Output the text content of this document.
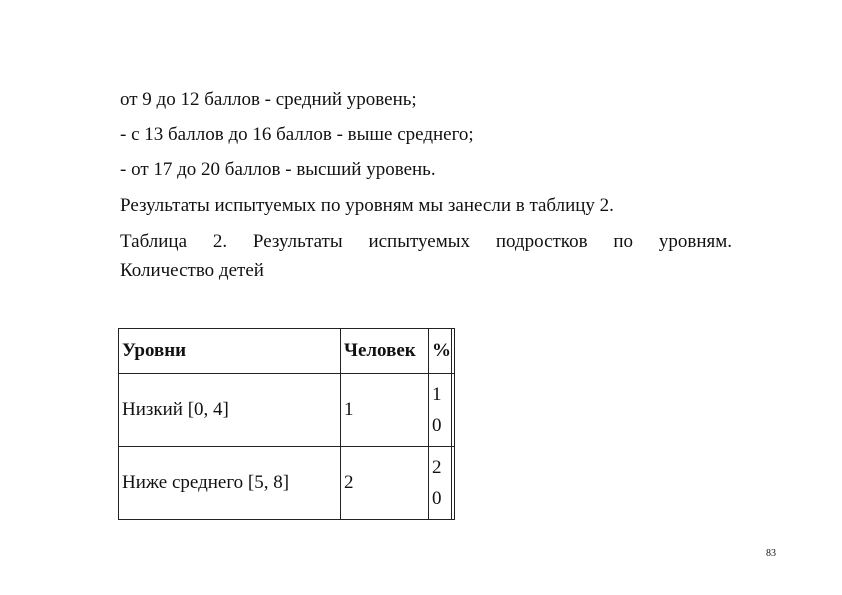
от 9 до 12 баллов - средний уровень;
- с 13 баллов до 16 баллов - выше среднего;
- от 17 до 20 баллов - высший уровень.
Результаты испытуемых по уровням мы занесли в таблицу 2.
Таблица 2. Результаты испытуемых подростков по уровням.
Количество детей
Уровни	Человек	%	
Низкий [0, 4]	1	1
0	

Ниже среднего [5, 8]	2	2
0	

83
